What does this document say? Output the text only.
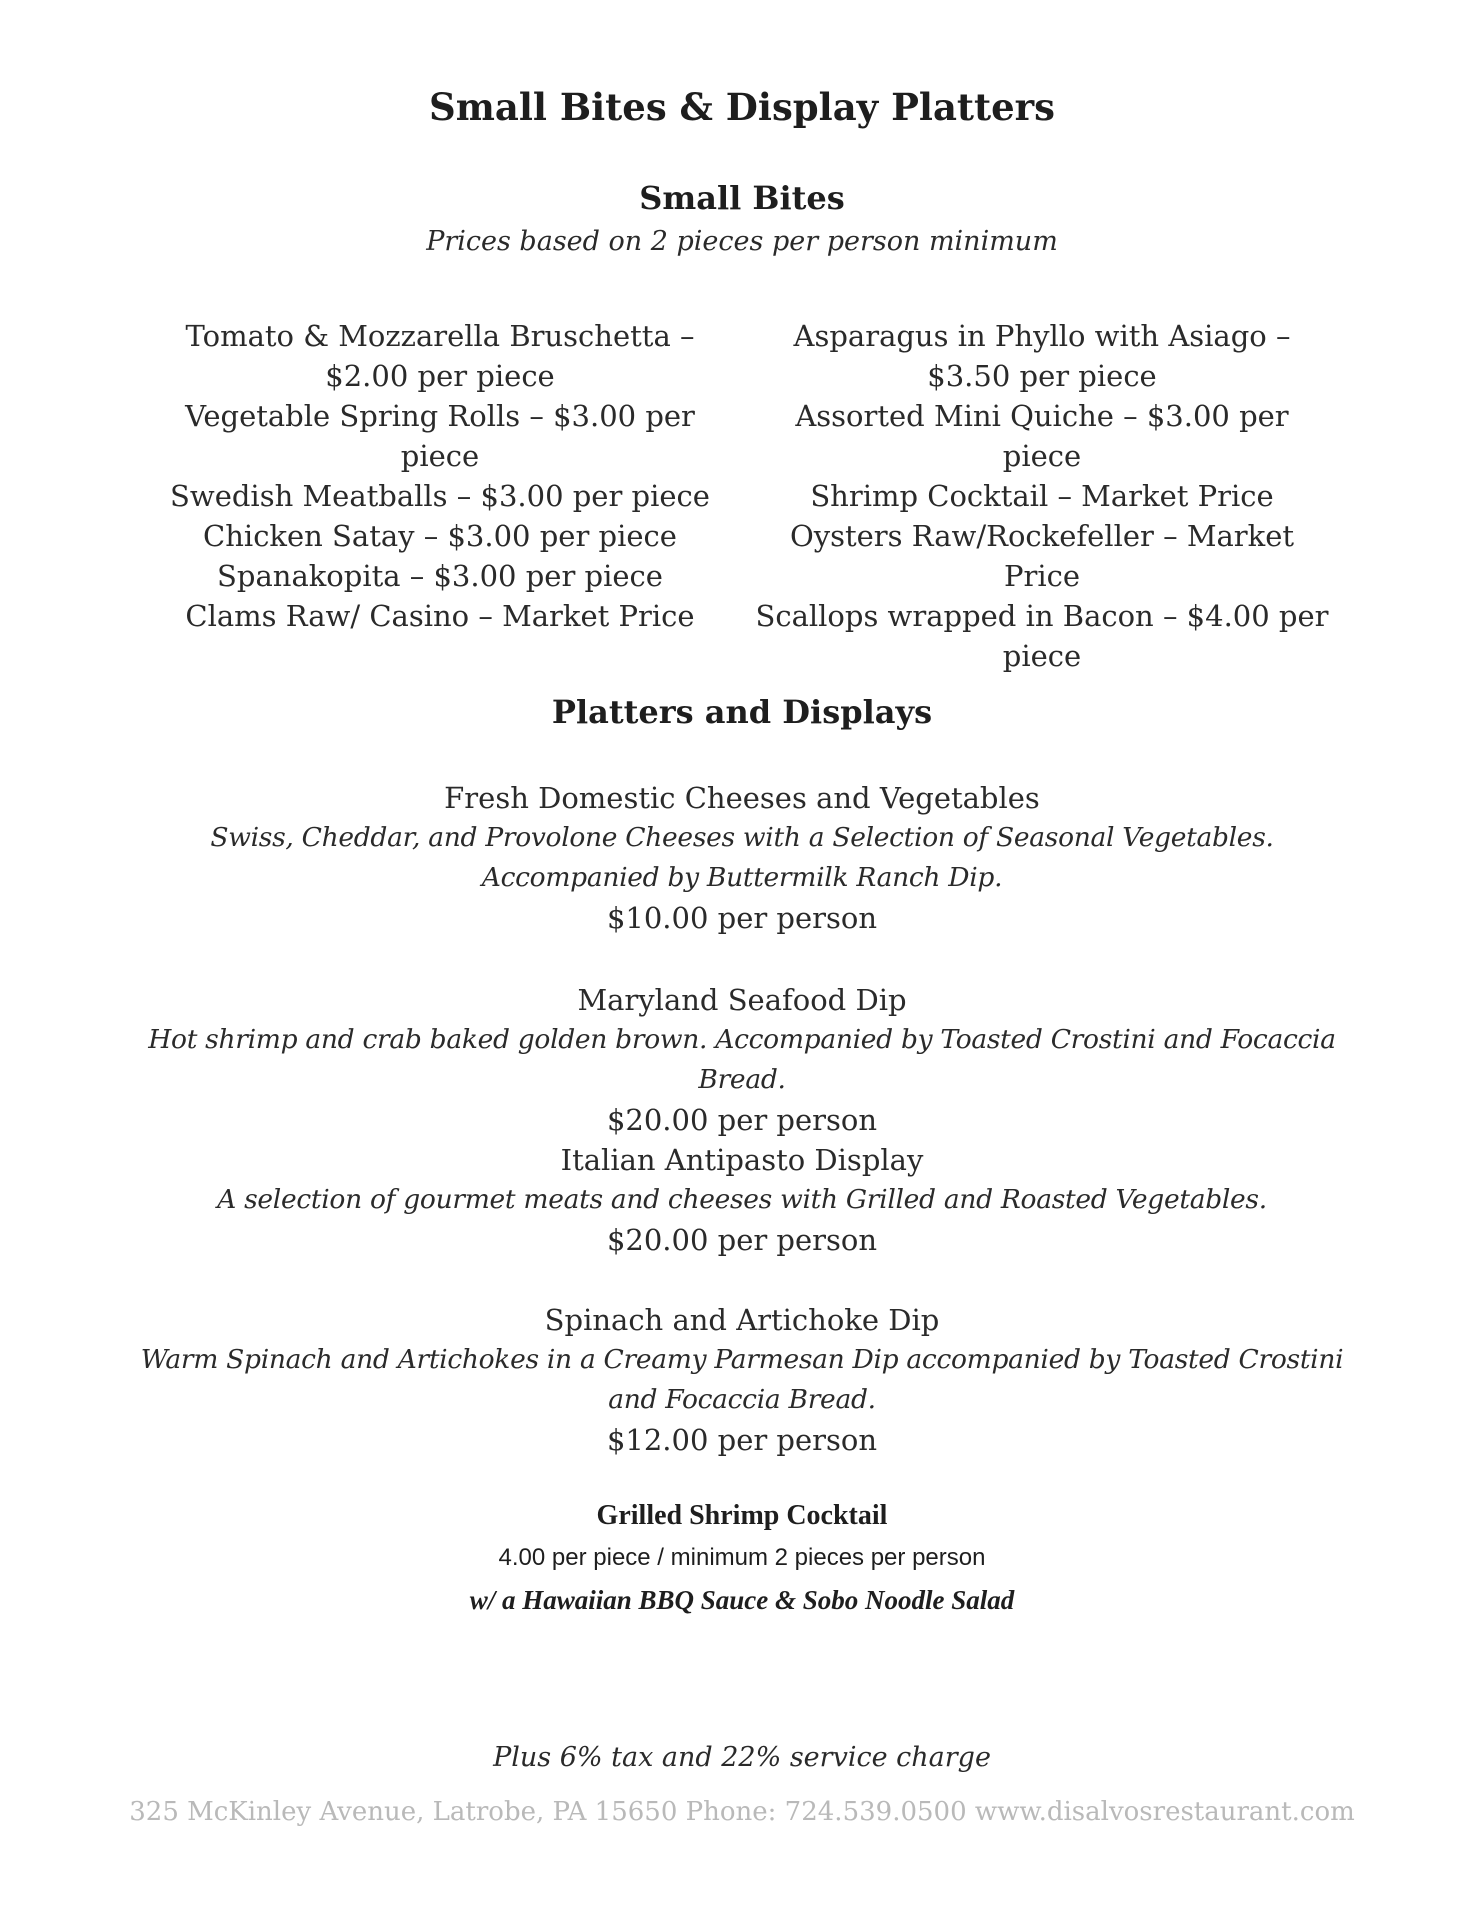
Small Bites & Display Platters
Small Bites
Prices based on 2 pieces per person minimum
Tomato & Mozzarella Bruschetta – $2.00 per piece
Vegetable Spring Rolls – $3.00 per piece
Swedish Meatballs – $3.00 per piece
Chicken Satay – $3.00 per piece
Spanakopita – $3.00 per piece
Clams Raw/ Casino – Market Price
Asparagus in Phyllo with Asiago – $3.50 per piece
Assorted Mini Quiche – $3.00 per piece
Shrimp Cocktail – Market Price
Oysters Raw/Rockefeller – Market Price
Scallops wrapped in Bacon – $4.00 per piece
Platters and Displays
Fresh Domestic Cheeses and Vegetables
Swiss, Cheddar, and Provolone Cheeses with a Selection of Seasonal Vegetables. Accompanied by Buttermilk Ranch Dip.
$10.00 per person
Maryland Seafood Dip
Hot shrimp and crab baked golden brown. Accompanied by Toasted Crostini and Focaccia Bread.
$20.00 per person
Italian Antipasto Display
A selection of gourmet meats and cheeses with Grilled and Roasted Vegetables.
$20.00 per person
Spinach and Artichoke Dip
Warm Spinach and Artichokes in a Creamy Parmesan Dip accompanied by Toasted Crostini and Focaccia Bread.
$12.00 per person
Grilled Shrimp Cocktail
4.00 per piece / minimum 2 pieces per person
w/ a Hawaiian BBQ Sauce & Sobo Noodle Salad
Plus 6% tax and 22% service charge
325 McKinley Avenue, Latrobe, PA 15650 Phone: 724.539.0500 www.disalvosrestaurant.com
